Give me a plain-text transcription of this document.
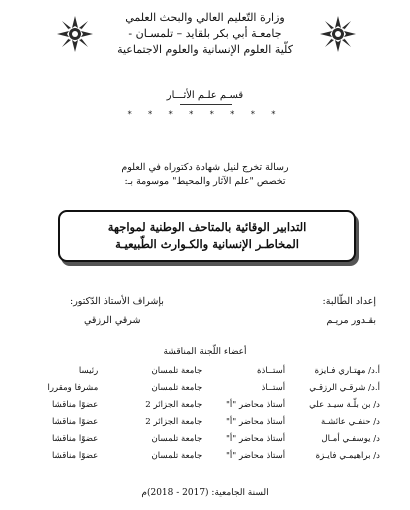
وزارة التّعليم العالي والبحث العلمي
جامعـة أبي بكر بلقايد – تلمسـان -
كلّية العلوم الإنسانية والعلوم الاجتماعية
قسـم علـم الأثـــار
* * * * * * * *
رسالة تخرج لنيل شهادة دكتوراه في العلوم
تخصص "علم الآثار والمحيط" موسومة بـ:
التدابير الوقائية بالمتاحف الوطنية لمواجهة
المخاطـر الإنسانية والكـوارث الطّبيعيـة
إعداد الطّالبة:
بقـدور مريـم
بإشراف الأستاذ الدّكتور:
شرقي الرزقي
أعضاء اللّجنة المناقشة
أ.د/ مهتـاري فـايزة	أستــاذة	جامعة تلمسان	رئيسا
أ.د/ شرقـي الرزقـي	أستــاذ	جامعة تلمسان	مشرفا ومقررا
د/ بن بلّـة سيـد علي	أستاذ محاضر "أ"	جامعة الجزائر 2	عضوًا مناقشا
د/ حنفـي عائشـة	أستاذ محاضر "أ"	جامعة الجزائر 2	عضوًا مناقشا
د/ يوسفـي أمـال	أستاذ محاضر "أ"	جامعة تلمسان	عضوًا مناقشا
د/ براهيمـي فايـزة	أستاذ محاضر "أ"	جامعة تلمسان	عضوًا مناقشا
السنة الجامعية: (2017 - 2018)م
